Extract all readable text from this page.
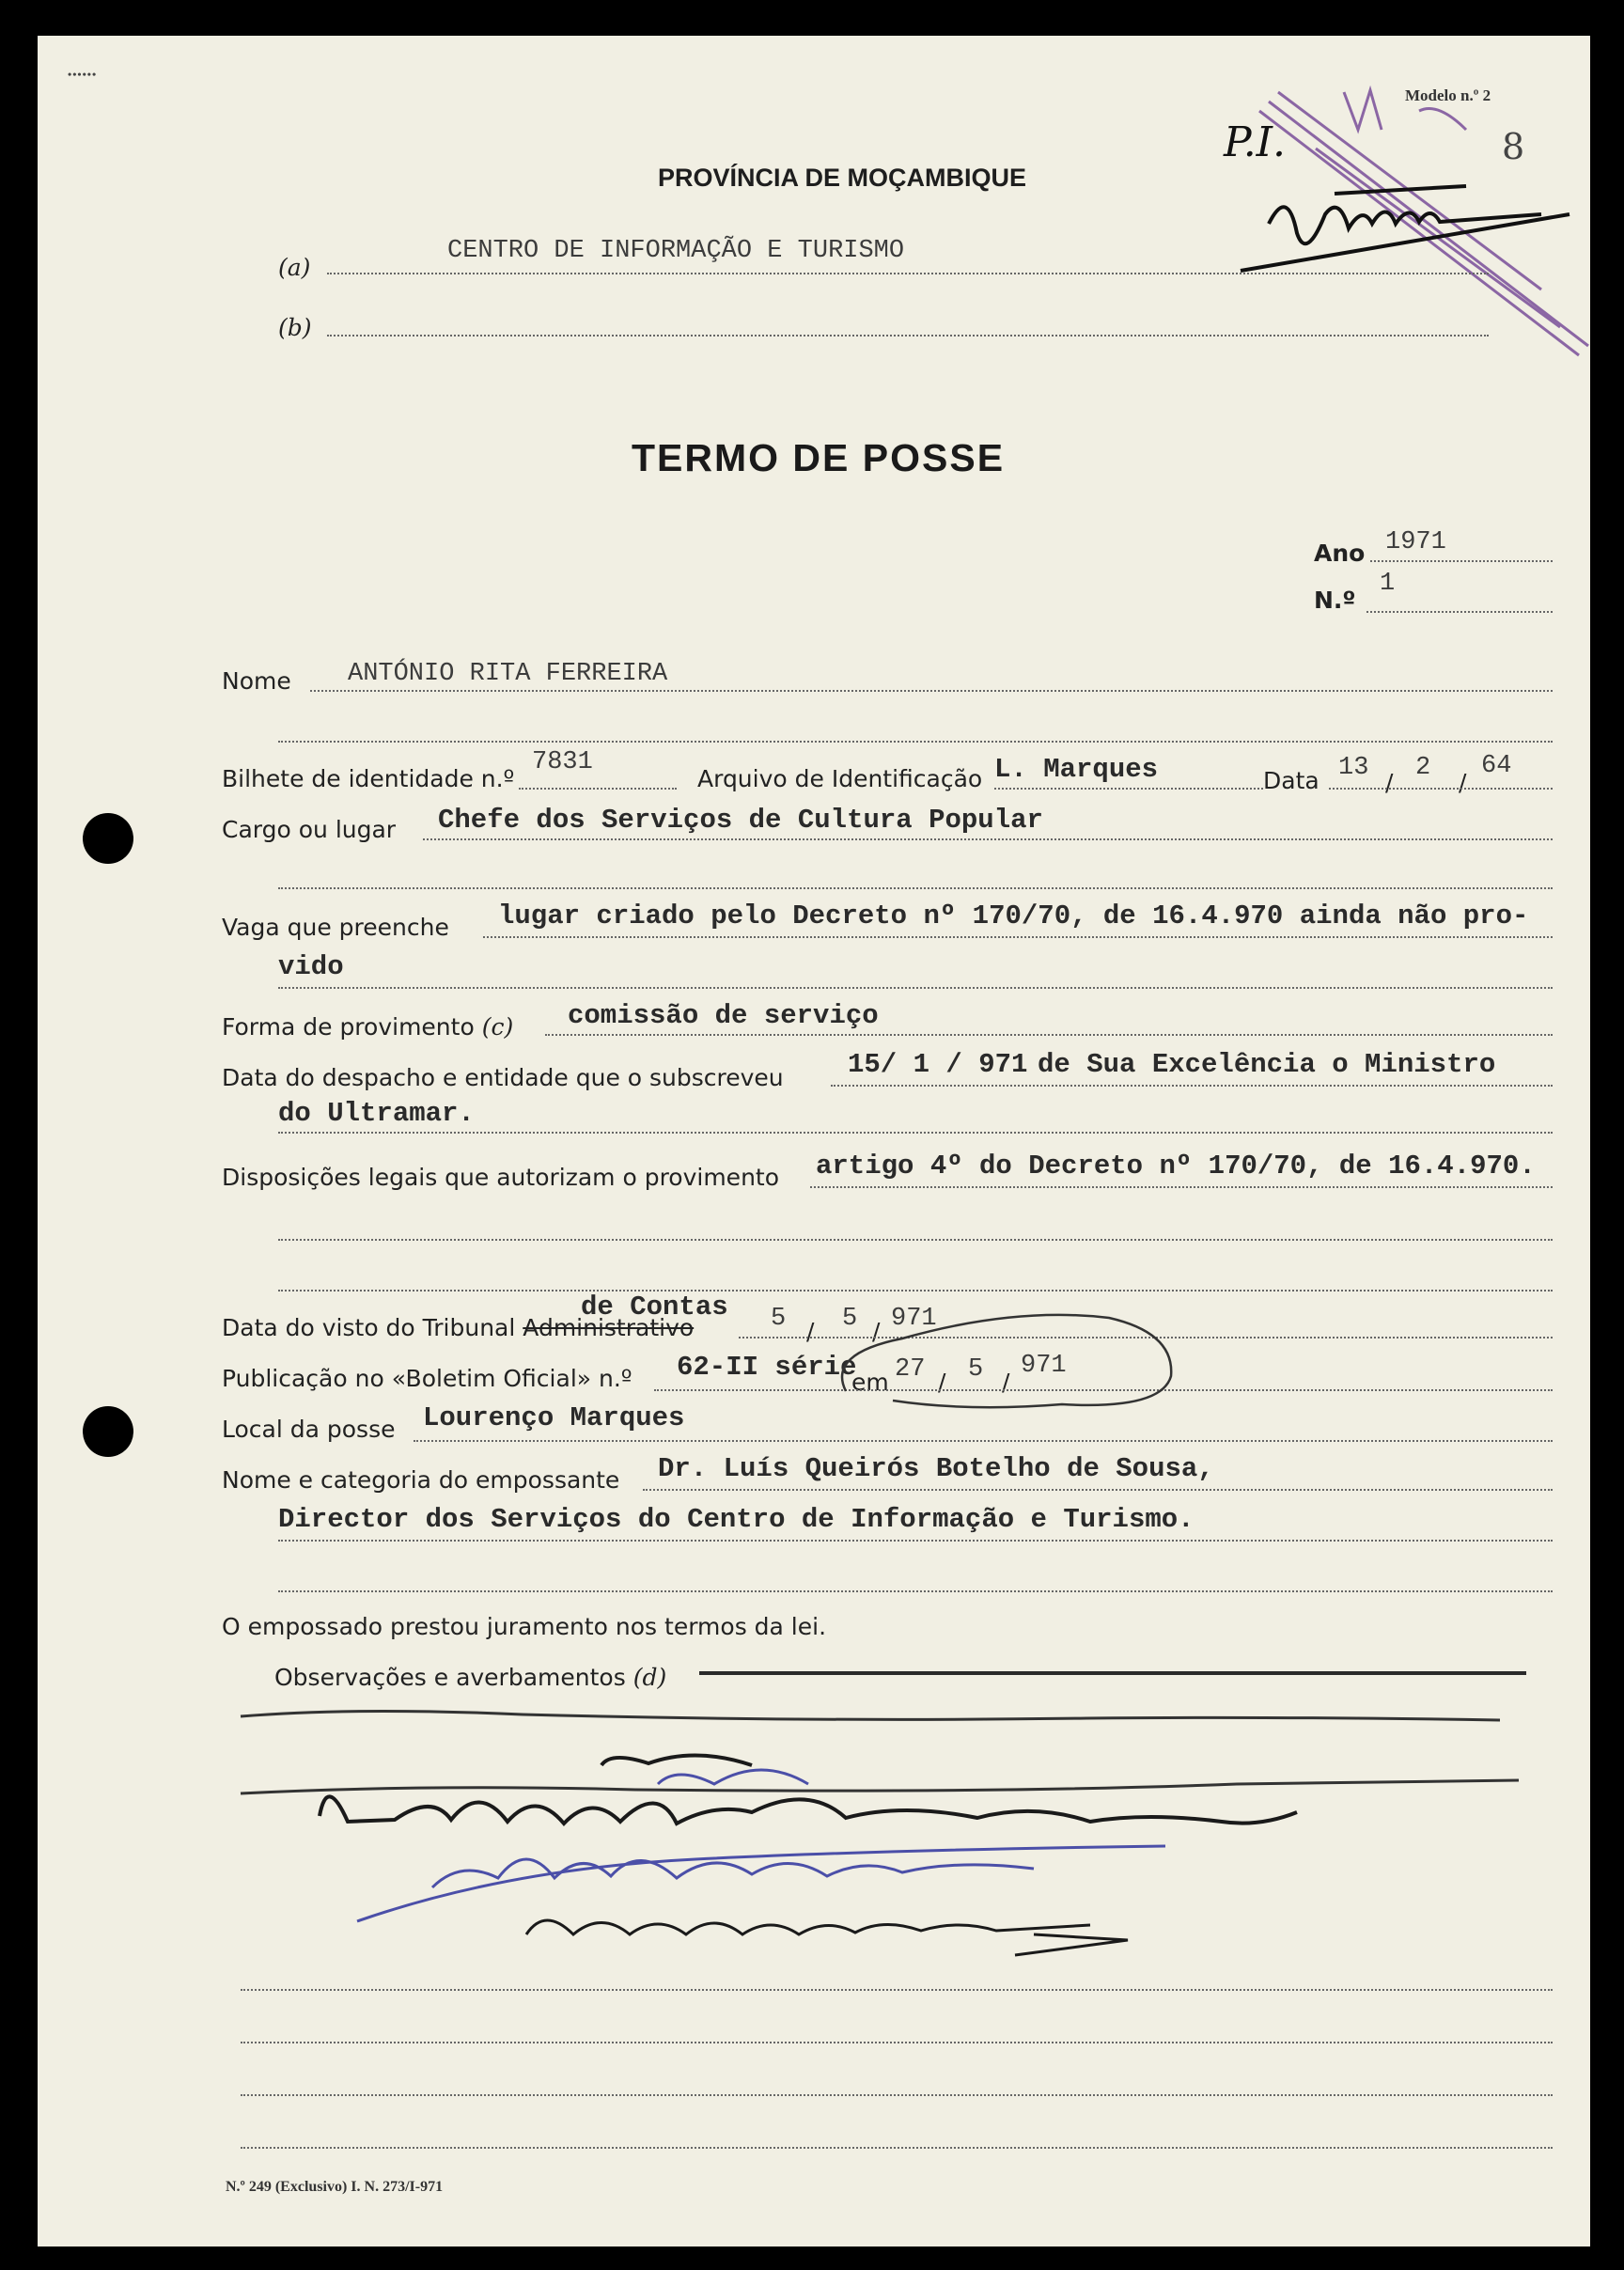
••••••
Modelo n.º 2
8
PROVÍNCIA DE MOÇAMBIQUE
P.I.
(a)
CENTRO DE INFORMAÇÃO E TURISMO
(b)
TERMO DE POSSE
Ano 1971
N.º
1
Nome ANTÓNIO RITA FERREIRA
Bilhete de identidade n.º
7831
Arquivo de Identificação L. Marques	Data 13
/
2
/
64
Cargo ou lugar Chefe dos Serviços de Cultura Popular
Vaga que preenche lugar criado pelo Decreto nº 170/70, de 16.4.970 ainda não pro-
vido
Forma de provimento (c) comissão de serviço
Data do despacho e entidade que o subscreveu 15/ 1 / 971 de Sua Excelência o Ministro
do Ultramar.
Disposições legais que autorizam o provimento artigo 4º do Decreto nº 170/70, de 16.4.970.
de Contas
Data do visto do Tribunal Administrativo	5 / 5 / 971
Publicação no «Boletim Oficial» n.º 62-II série
em 27 / 5 /
971
Local da posse Lourenço Marques
Nome e categoria do empossante Dr. Luís Queirós Botelho de Sousa,
Director dos Serviços do Centro de Informação e Turismo.
O empossado prestou juramento nos termos da lei.
Observações e averbamentos (d)
N.º 249 (Exclusivo) I. N. 273/I-971
